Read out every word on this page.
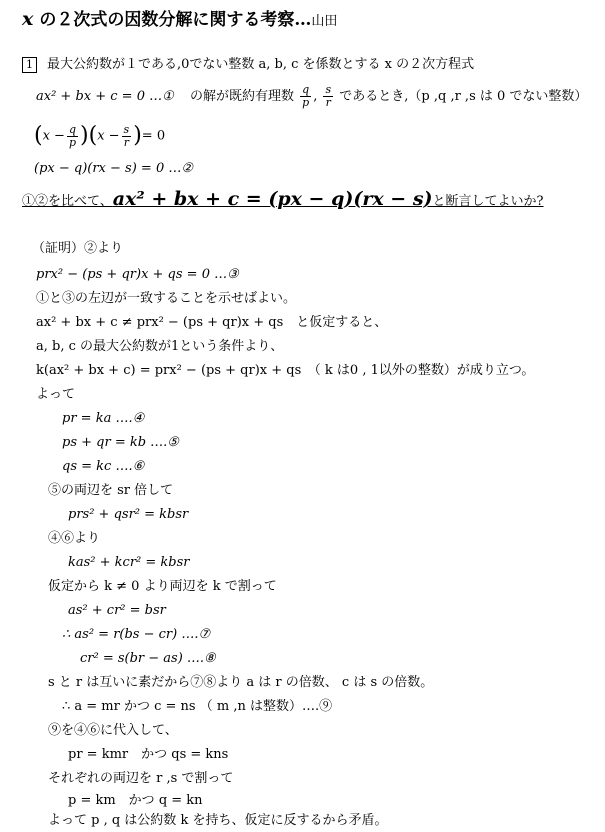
x の２次式の因数分解に関する考察…山田
1 最大公約数が１である,0でない整数 a, b, c を係数とする x の２次方程式
ax² + bx + c = 0 …① の解が既約有理数 $\frac{q}{p}$ , $\frac{s}{r}$ であるとき,（p ,q ,r ,s は 0 でない整数）
$(x - \frac{q}{p} )(x - \frac{s}{r}$ )= 0
(px − q)(rx − s) = 0 …②
①②を比べて、ax² + bx + c = (px − q)(rx − s)と断言してよいか?
（証明）②より
prx² − (ps + qr)x + qs = 0 …③
①と③の左辺が一致することを示せばよい。
ax² + bx + c ≠ prx² − (ps + qr)x + qs　と仮定すると、
a, b, c の最大公約数が1という条件より、
k(ax² + bx + c) = prx² − (ps + qr)x + qs　（ k は0 , 1以外の整数）が成り立つ。
よって
pr = ka ….④
ps + qr = kb ….⑤
qs = kc ….⑥
⑤の両辺を sr 倍して
prs² + qsr² = kbsr
④⑥より
kas² + kcr² = kbsr
仮定から k ≠ 0 より両辺を k で割って
as² + cr² = bsr
∴ as² = r(bs − cr) ….⑦
cr² = s(br − as) ….⑧
s と r は互いに素だから⑦⑧より a は r の倍数、 c は s の倍数。
∴ a = mr かつ c = ns （ m ,n は整数）….⑨
⑨を④⑥に代入して、
pr = kmr　かつ qs = kns
それぞれの両辺を r ,s で割って
p = km　かつ q = kn
よって p , q は公約数 k を持ち、仮定に反するから矛盾。
